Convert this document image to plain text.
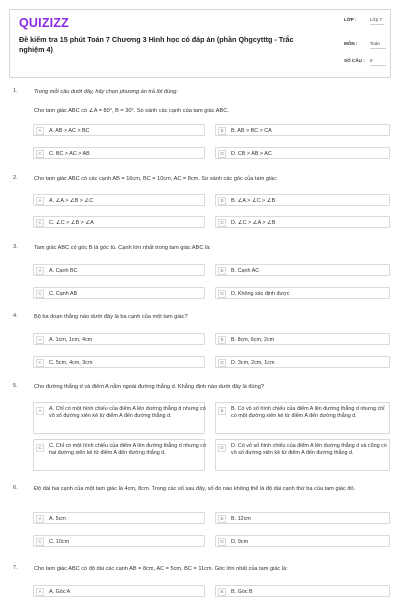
QUIZIZZ
Đề kiểm tra 15 phút Toán 7 Chương 3 Hình học có đáp án (phần Qhgcytttg - Trắc nghiệm 4)
LỚP :	Lớp 7
MÔN :	Toán
SỐ CÂU : 8
1.	Trong mỗi câu dưới đây, hãy chọn phương án trả lời đúng:
Cho tam giác ABC có ∠A = 80°, B = 30°. So sánh các cạnh của tam giác ABC.
A	A. AB > AC > BC	B	B. AB > BC > CA
C	C. BC > AC > AB	D	D. CB > AB > AC
2.	Cho tam giác ABC có các cạnh AB = 16cm, BC = 10cm, AC = 8cm. So sánh các góc của tam giác:
A	A. ∠A > ∠B > ∠C	B	B. ∠A > ∠C > ∠B
C	C. ∠C > ∠B > ∠A	D	D. ∠C > ∠A > ∠B
3.	Tam giác ABC có góc B là góc tù. Cạnh lớn nhất trong tam giác ABC là:
A	A. Cạnh BC	B	B. Cạnh AC
C	C. Cạnh AB	D	D. Không xác định được
4.	Bộ ba đoạn thẳng nào dưới đây là ba cạnh của một tam giác?
A	A. 1cm, 1cm, 4cm	B	B. 8cm, 6cm, 2cm
C	C. 5cm, 4cm, 3cm	D	D. 3cm, 2cm, 1cm
5.	Cho đường thẳng d và điểm A nằm ngoài đường thẳng d. Khẳng định nào dưới đây là đúng?
A	A. Chỉ có một hình chiếu của điểm A lên đường thẳng d nhưng có vô số đường xiên kẻ từ điểm A đến đường thẳng d.
B	B. Có vô số hình chiếu của điểm A lên đường thẳng d nhưng chỉ có một đường xiên kẻ từ điểm A đến đường thẳng d.
C	C. Chỉ có một hình chiếu của điểm A lên đường thẳng d nhưng có hai đường xiên kẻ từ điểm A đến đường thẳng d.
D	D. Có vô số hình chiếu của điểm A lên đường thẳng d và cũng có vô số đường xiên kẻ từ điểm A đến đường thẳng d.
6.	Độ dài hai cạnh của một tam giác là 4cm, 8cm. Trong các số sau đây, số đo nào không thể là độ dài cạnh thứ ba của tam giác đó.
A	A. 5cm	B	B. 12cm
C	C. 10cm	D	D. 9cm
7.	Cho tam giác ABC có độ dài các cạnh AB = 8cm, AC = 5cm, BC = 11cm. Góc lớn nhất của tam giác là:
A	A. Góc A	B	B. Góc B
